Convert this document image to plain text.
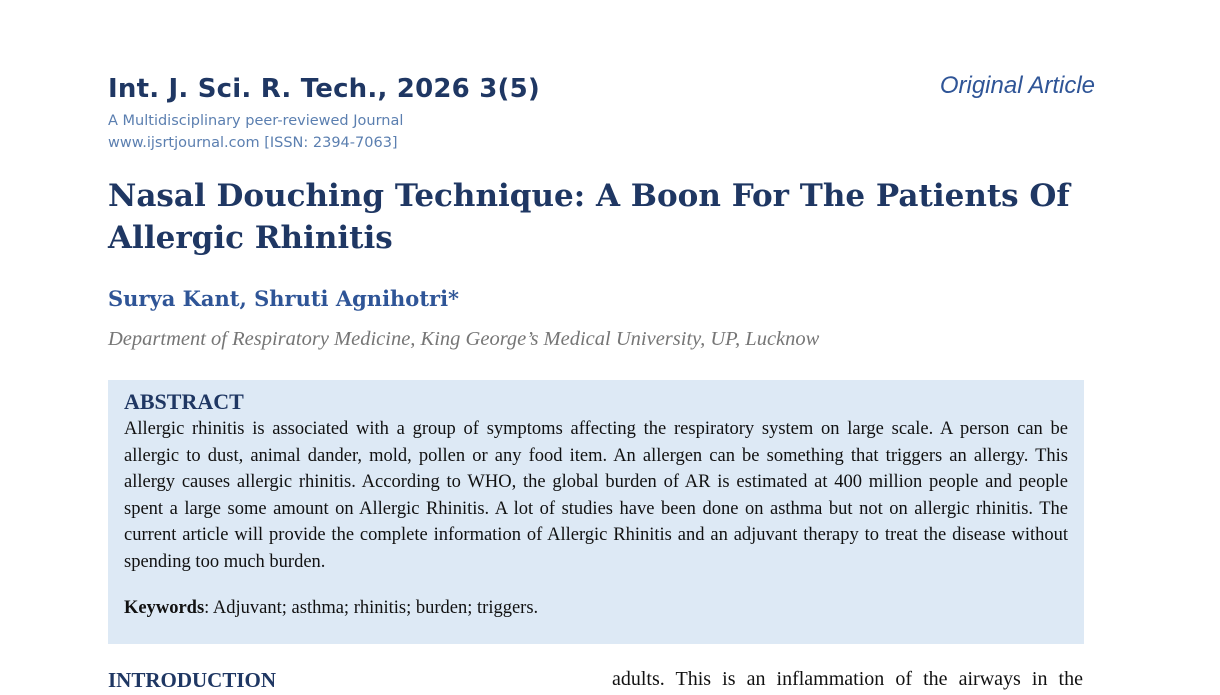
Int. J. Sci. R. Tech., 2026 3(5)
A Multidisciplinary peer-reviewed Journal
www.ijsrtjournal.com [ISSN: 2394-7063]
Original Article
Nasal Douching Technique: A Boon For The Patients Of Allergic Rhinitis
Surya Kant, Shruti Agnihotri*
Department of Respiratory Medicine, King George’s Medical University, UP, Lucknow
ABSTRACT

Allergic rhinitis is associated with a group of symptoms affecting the respiratory system on large scale. A person can be allergic to dust, animal dander, mold, pollen or any food item. An allergen can be something that triggers an allergy. This allergy causes allergic rhinitis. According to WHO, the global burden of AR is estimated at 400 million people and people spent a large some amount on Allergic Rhinitis. A lot of studies have been done on asthma but not on allergic rhinitis. The current article will provide the complete information of Allergic Rhinitis and an adjuvant therapy to treat the disease without spending too much burden.

Keywords: Adjuvant; asthma; rhinitis; burden; triggers.

INTRODUCTION	adults. This is an inflammation of the airways in the
